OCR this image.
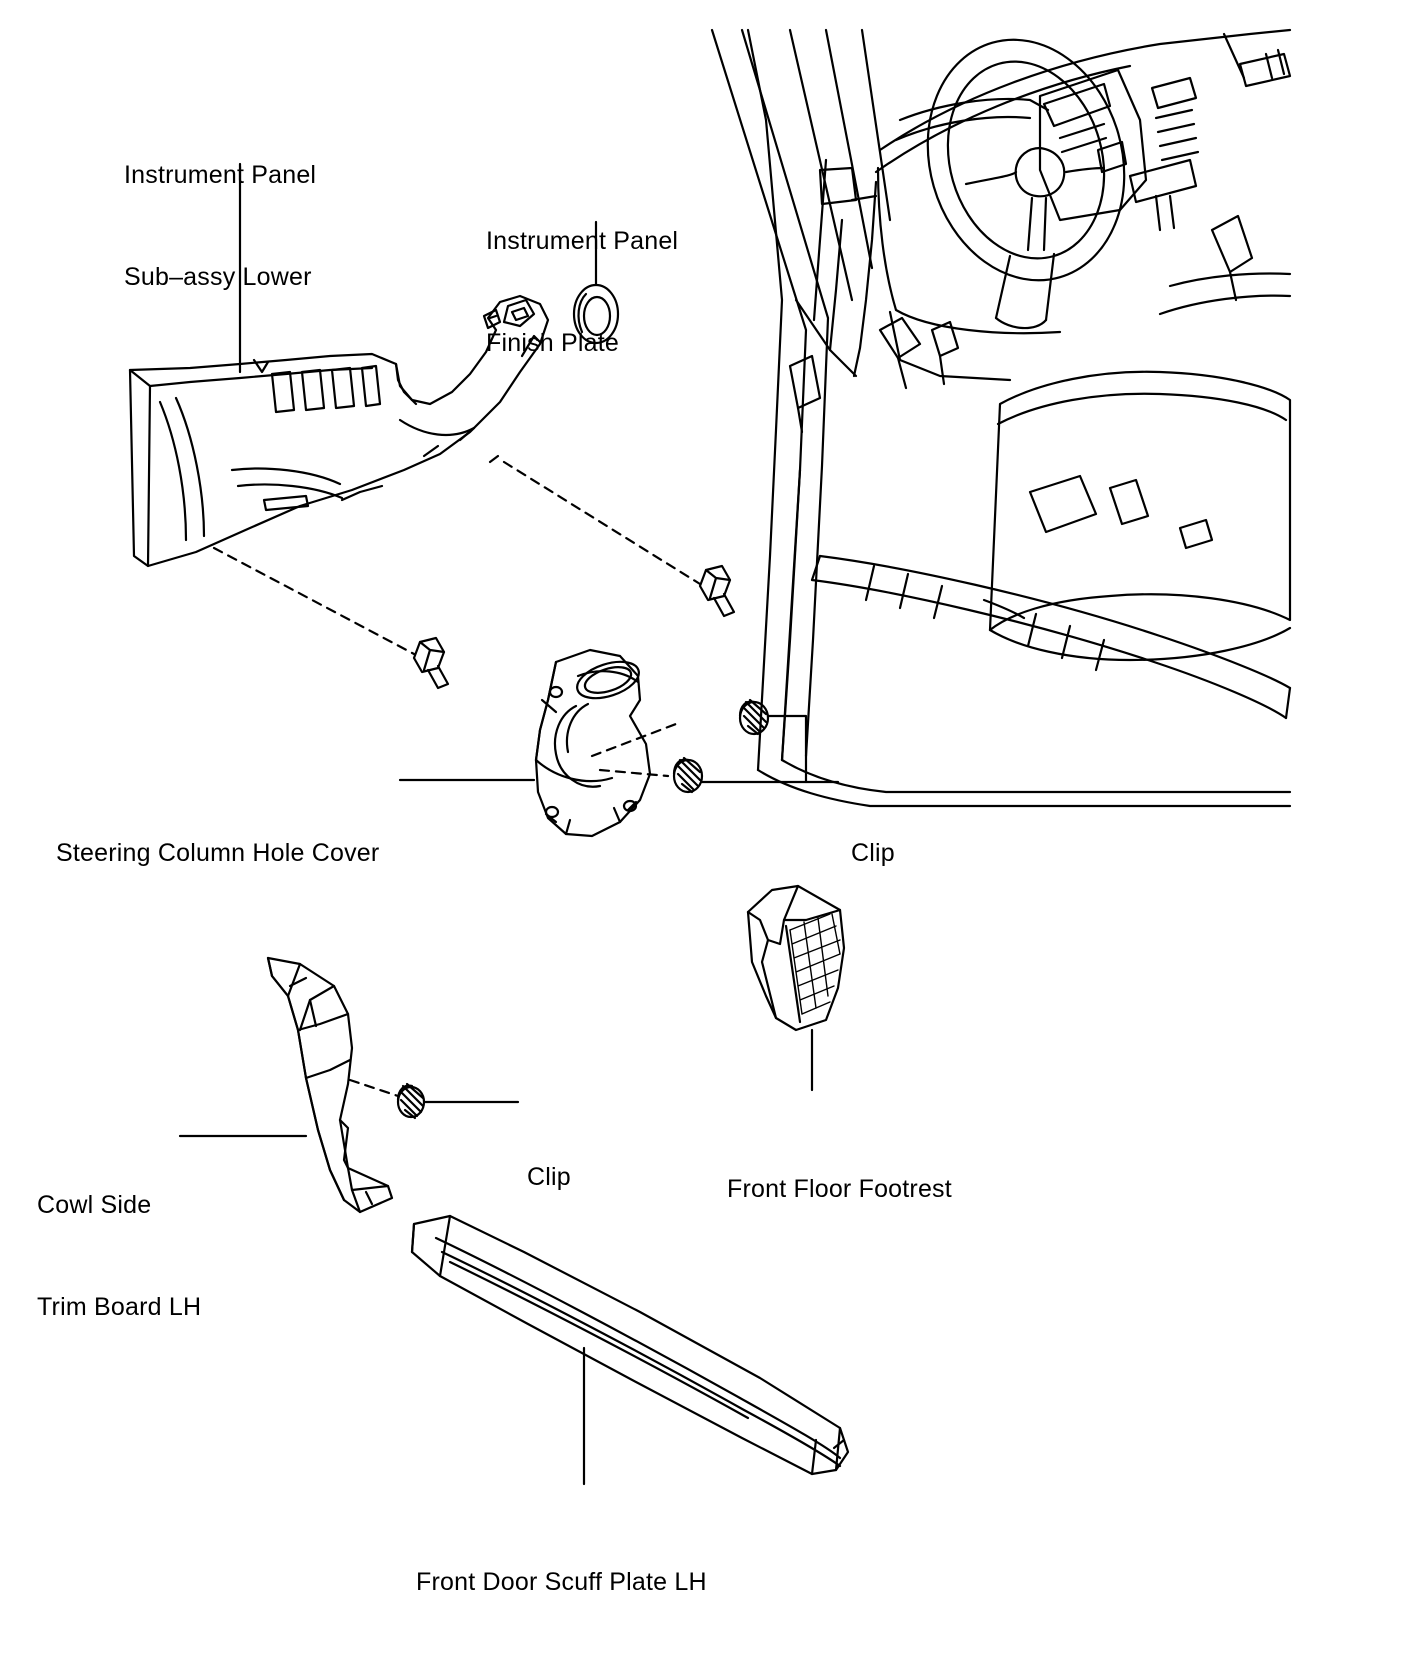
Instrument Panel

Sub–assy Lower

Instrument Panel

Finish Plate

Steering Column Hole Cover

	Clip

Clip

Cowl Side

Trim Board LH

Front Floor Footrest

Front Door Scuff Plate LH
